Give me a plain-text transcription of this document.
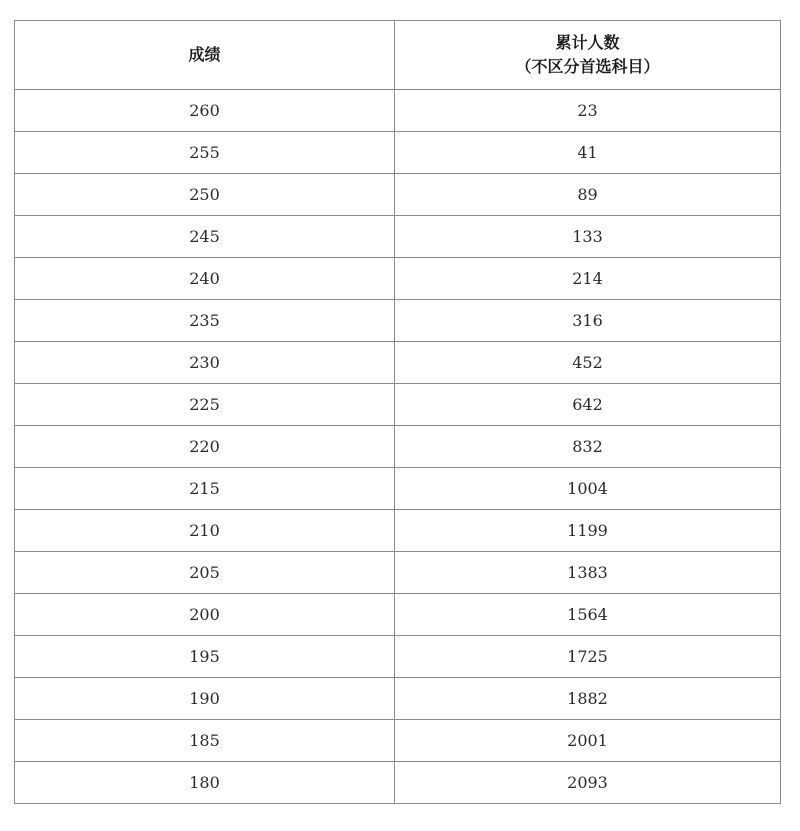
成绩	累计人数
（不区分首选科目）

260	23
255	41
250	89
245	133
240	214
235	316
230	452
225	642
220	832
215	1004
210	1199
205	1383
200	1564
195	1725
190	1882
185	2001
180	2093
